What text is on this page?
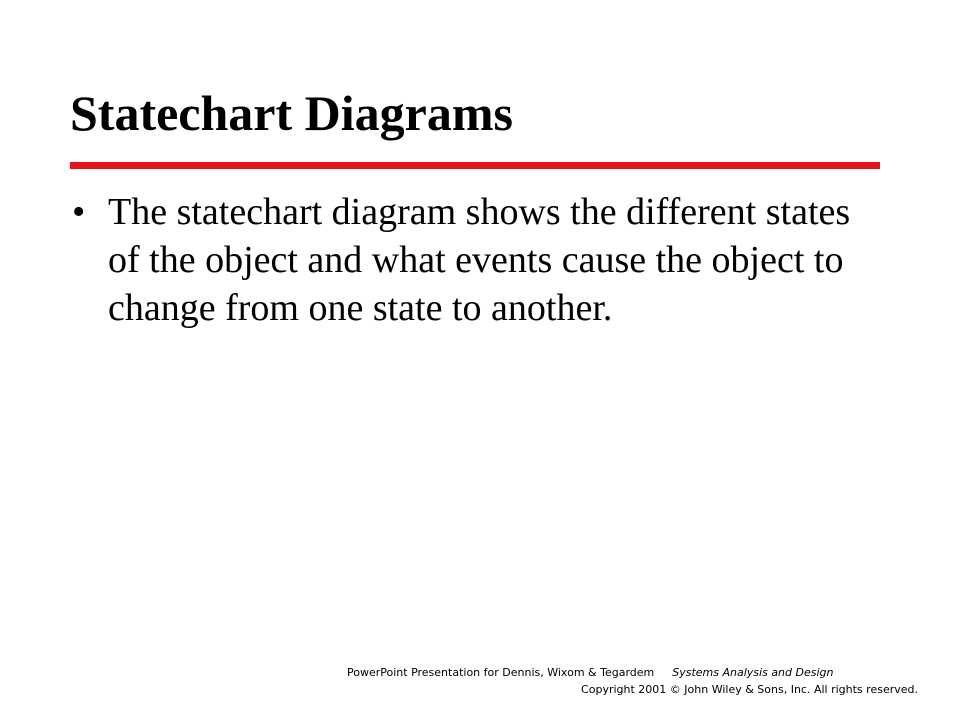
Statechart Diagrams
• The statechart diagram shows the different states of the object and what events cause the object to change from one state to another.
PowerPoint Presentation for Dennis, Wixom & Tegardem Systems Analysis and Design
Copyright 2001 © John Wiley & Sons, Inc. All rights reserved.
